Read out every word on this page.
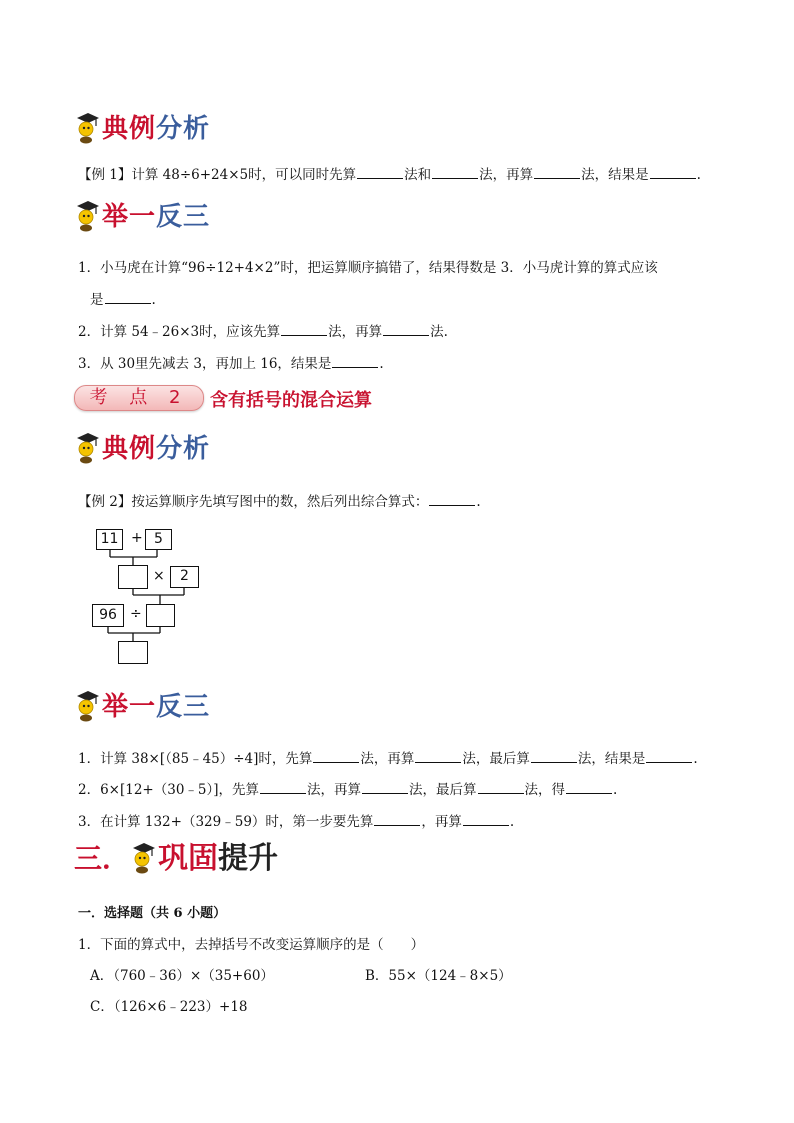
典例分析
【例 1】计算 48÷6+24×5时，可以同时先算	法和	法，再算	法，结果是	.
举一反三
1．小马虎在计算“96÷12+4×2”时，把运算顺序搞错了，结果得数是 3．小马虎计算的算式应该
是	.
2．计算 54﹣26×3时，应该先算	法，再算	法.
3．从 30里先减去 3，再加上 16，结果是	.
考 点 2	含有括号的混合运算
典例分析
【例 2】按运算顺序先填写图中的数，然后列出综合算式：	.
11 + 5
×	2
96 ÷
举一反三
1．计算 38×[（85﹣45）÷4]时，先算	法，再算	法，最后算	法，结果是	.
2．6×[12+（30﹣5）]，先算	法，再算	法，最后算	法，得	.
3．在计算 132+（329﹣59）时，第一步要先算	，再算	.
三． 巩固提升
一．选择题（共 6 小题）
1．下面的算式中，去掉括号不改变运算顺序的是（　　）
A．（760﹣36）×（35+60）	B．55×（124﹣8×5）
C．（126×6﹣223）+18
